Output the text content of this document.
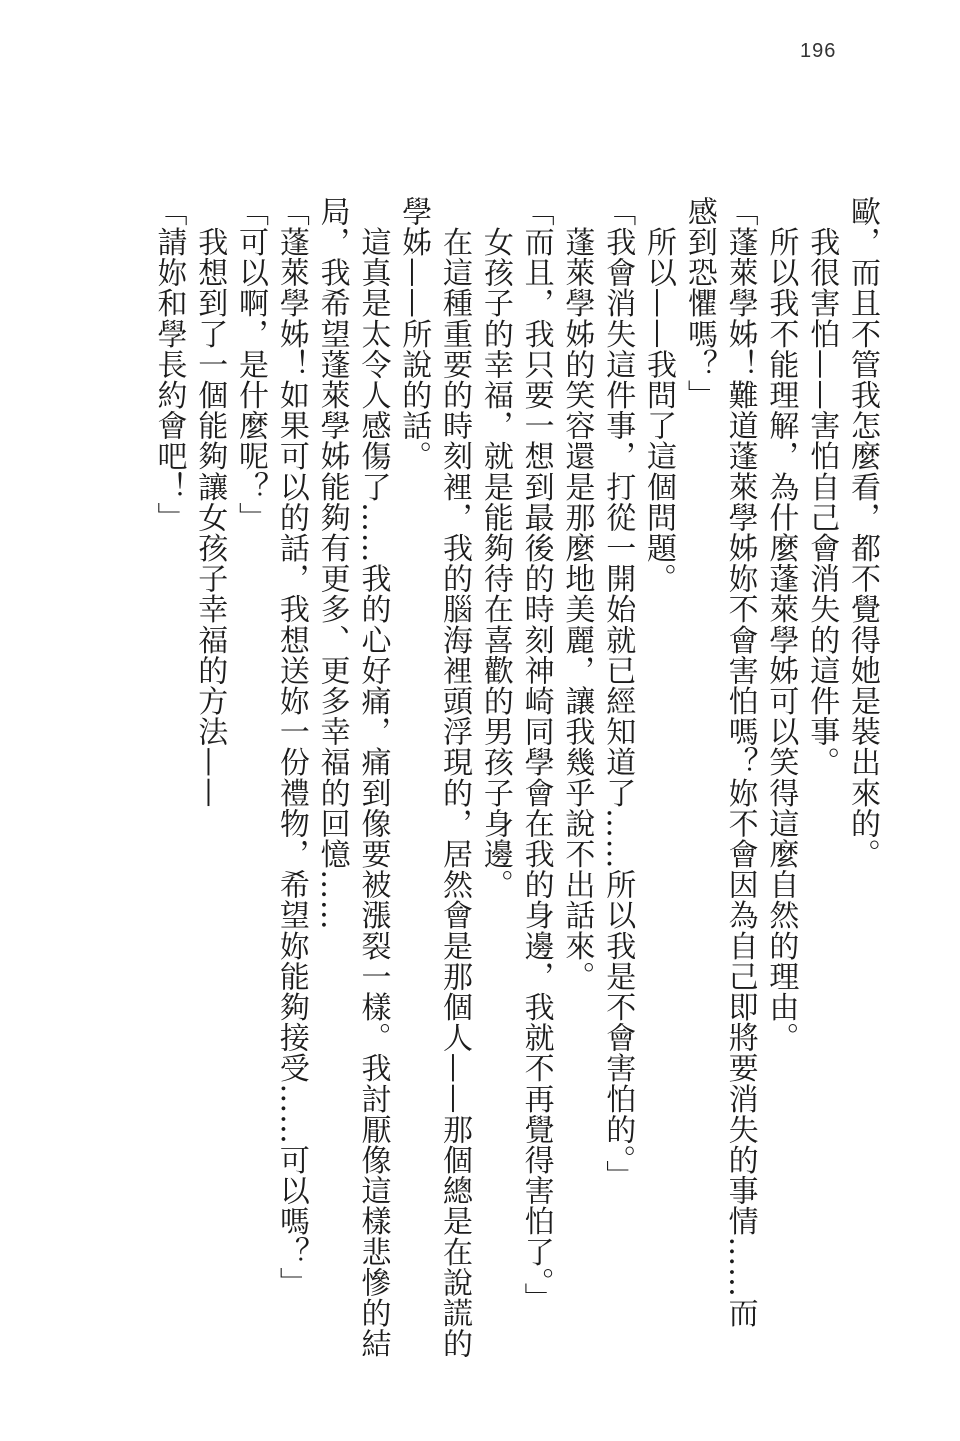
196

歐，而且不管我怎麼看，都不覺得她是裝出來的。

　我很害怕——害怕自己會消失的這件事。

　所以我不能理解，為什麼蓬萊學姊可以笑得這麼自然的理由。

「蓬萊學姊！難道蓬萊學姊妳不會害怕嗎？妳不會因為自己即將要消失的事情……而

感到恐懼嗎？」

　所以——我問了這個問題。

「我會消失這件事，打從一開始就已經知道了……所以我是不會害怕的。」

　蓬萊學姊的笑容還是那麼地美麗，讓我幾乎說不出話來。

「而且，我只要一想到最後的時刻神崎同學會在我的身邊，我就不再覺得害怕了。」

　女孩子的幸福，就是能夠待在喜歡的男孩子身邊。

　在這種重要的時刻裡，我的腦海裡頭浮現的，居然會是那個人——那個總是在說謊的

學姊——所說的話。

　這真是太令人感傷了……我的心好痛，痛到像要被漲裂一樣。我討厭像這樣悲慘的結

局，我希望蓬萊學姊能夠有更多、更多幸福的回憶……

「蓬萊學姊！如果可以的話，我想送妳一份禮物，希望妳能夠接受……可以嗎？」

「可以啊，是什麼呢？」

　我想到了一個能夠讓女孩子幸福的方法——

「請妳和學長約會吧！」
